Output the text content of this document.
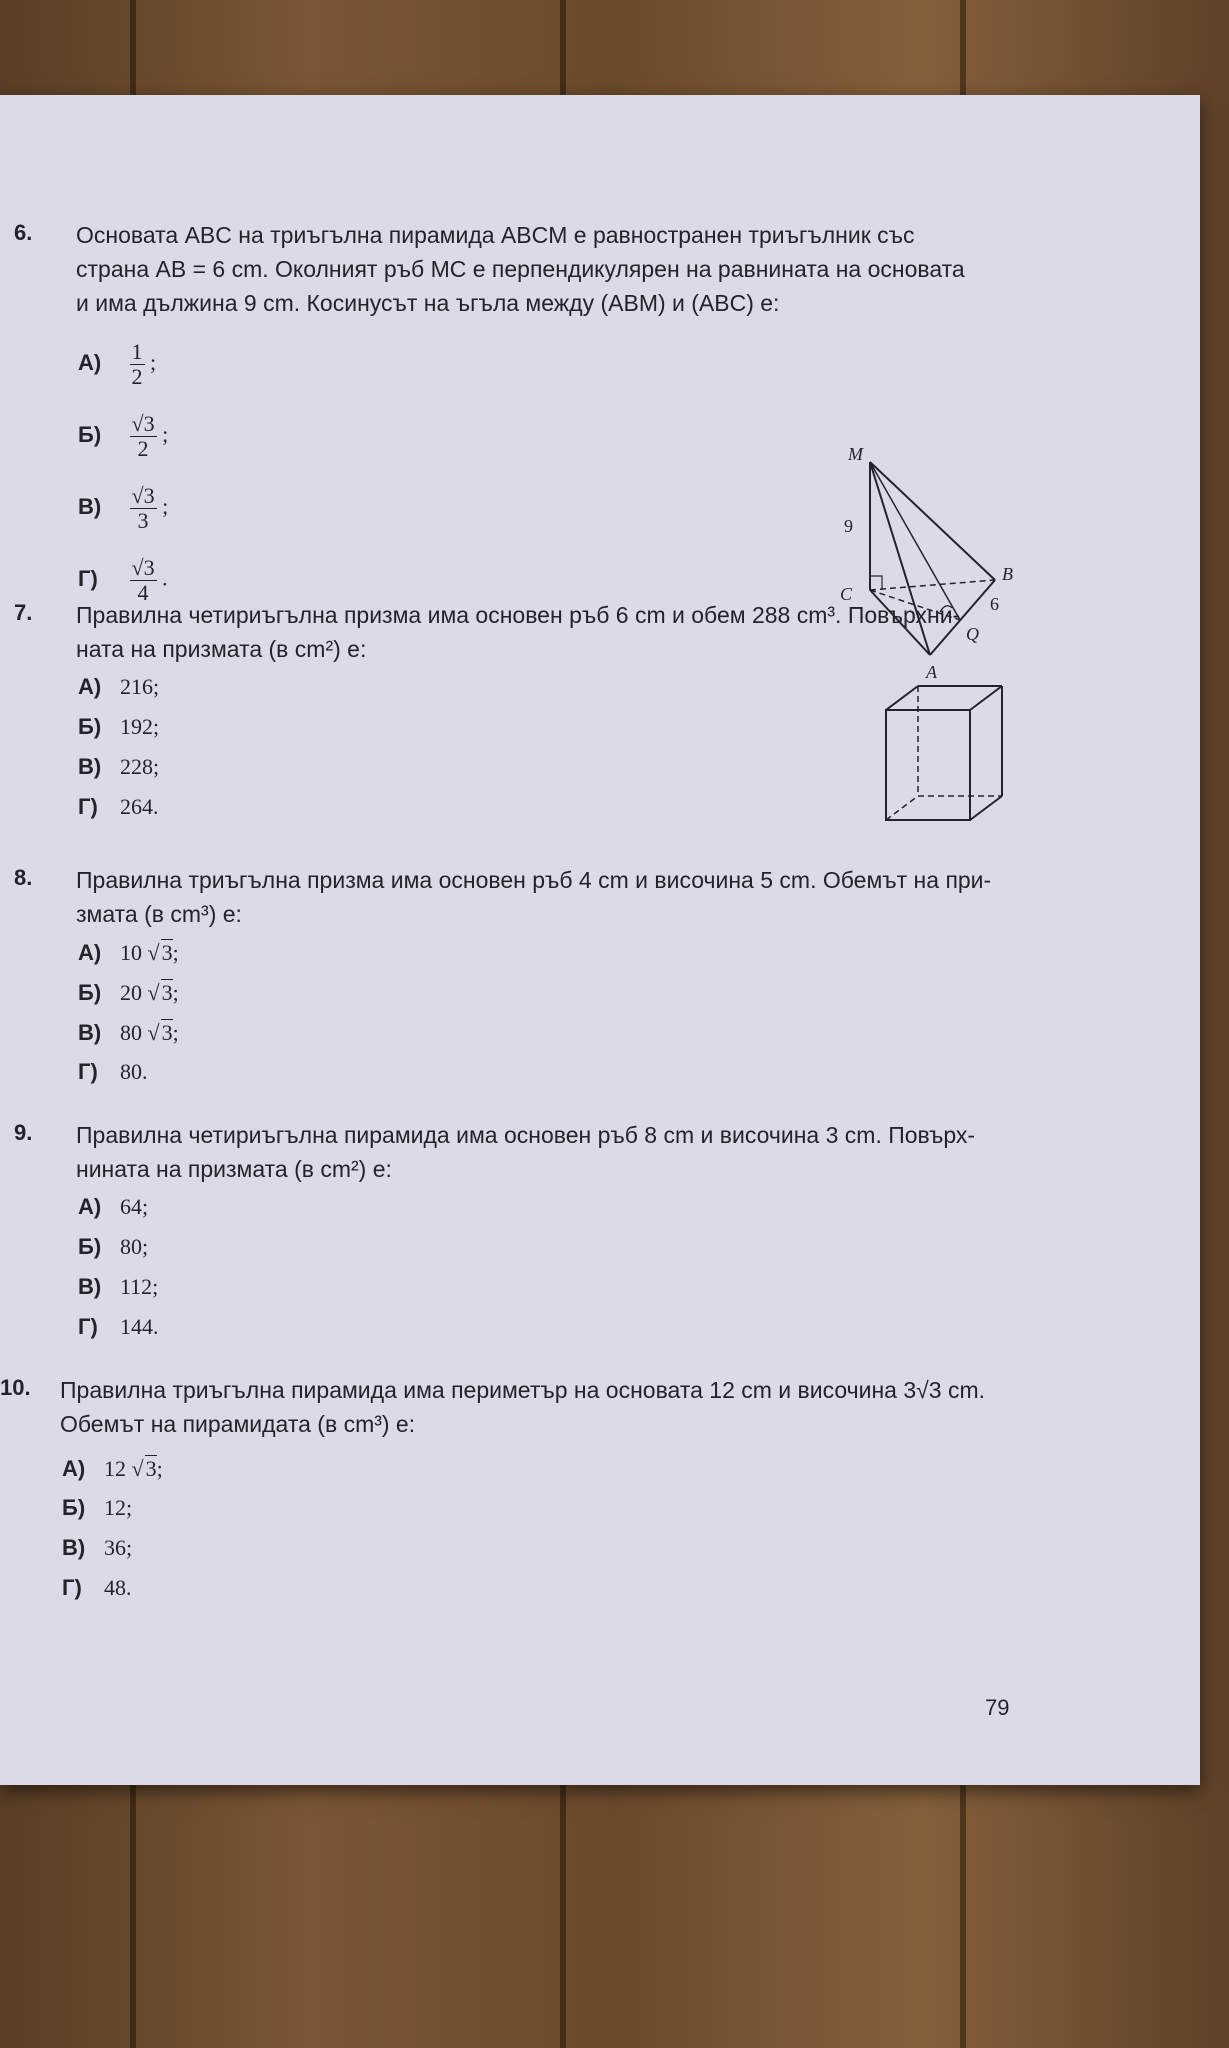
6. Основата ABC на триъгълна пирамида ABCM е равностранен триъгълник със
страна AB = 6 cm. Околният ръб MC е перпендикулярен на равнината на основата
и има дължина 9 cm. Косинусът на ъгъла между (ABM) и (ABC) е:
$А) \frac{1}{2}$ ;
$Б) \frac{√3}{2}$ ;
$В) \frac{√3}{3}$ ;
$Г) \frac{√3}{4}$ .
M
C
B
A
Q
9
6
7. Правилна четириъгълна призма има основен ръб 6 cm и обем 288 cm³. Повърхни-
ната на призмата (в cm²) е:
А) 216;
Б) 192;
В) 228;
Г) 264.
8. Правилна триъгълна призма има основен ръб 4 cm и височина 5 cm. Обемът на при-
змата (в cm³) е:
А) 10 √3;
Б) 20 √3;
В) 80 √3;
Г) 80.
9. Правилна четириъгълна пирамида има основен ръб 8 cm и височина 3 cm. Повърх-
нината на призмата (в cm²) е:
А) 64;
Б) 80;
В) 112;
Г) 144.
10. Правилна триъгълна пирамида има периметър на основата 12 cm и височина 3√3 cm.
Обемът на пирамидата (в cm³) е:
А) 12 √3;
Б) 12;
В) 36;
Г) 48.
79
